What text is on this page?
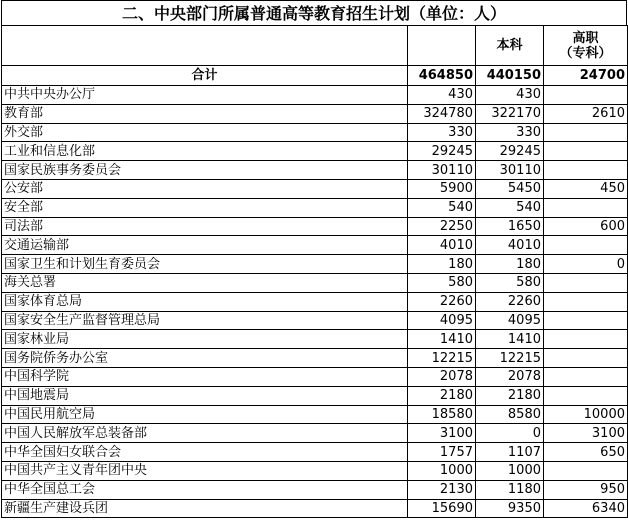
二、中央部门所属普通高等教育招生计划（单位：人）
		本科	高职
（专科）
合计	464850	440150	24700
中共中央办公厅	430	430	
教育部	324780	322170	2610
外交部	330	330	
工业和信息化部	29245	29245	
国家民族事务委员会	30110	30110	
公安部	5900	5450	450
安全部	540	540	
司法部	2250	1650	600
交通运输部	4010	4010	
国家卫生和计划生育委员会	180	180	0
海关总署	580	580	
国家体育总局	2260	2260	
国家安全生产监督管理总局	4095	4095	
国家林业局	1410	1410	
国务院侨务办公室	12215	12215	
中国科学院	2078	2078	
中国地震局	2180	2180	
中国民用航空局	18580	8580	10000
中国人民解放军总装备部	3100	0	3100
中华全国妇女联合会	1757	1107	650
中国共产主义青年团中央	1000	1000	
中华全国总工会	2130	1180	950
新疆生产建设兵团	15690	9350	6340
